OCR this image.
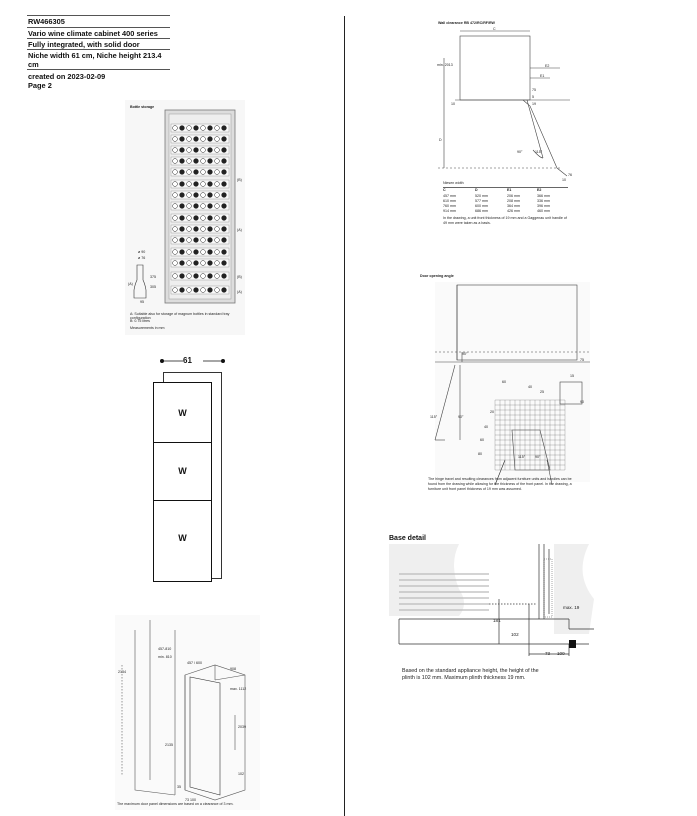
RW466305
Vario wine climate cabinet 400 series
Fully integrated, with solid door
Niche width 61 cm, Niche height 213.4
cm
created on 2023-02-09
Page 2
Bottle storage
ø 90
ø 76
375
305
95
(A)
(B)
(A)
(B)
(A)
A: Suitable also for storage of magnum bottles in standard tray configuration
B: 0.75 litres
Measurements in mm
61
W
W
W
2134
min. 810
457-810
457 / 600
max. 1112
908
2039
2135
73 100
102
35
The maximum door panel dimensions are based on a clearance of 3 mm.
Wall clearance RB 472/RC/RF/RW
C
E2
E1
D
min. 2013
75
5
10	19
90°	115°
76
10
Niesen width
C	D	E1	E2
457 mm	520 mm	206 mm	366 mm
610 mm	577 mm	208 mm	336 mm
760 mm	600 mm	364 mm	396 mm
914 mm	686 mm	426 mm	460 mm
In the drawing, a unit front thickness of 19 mm and a Gaggenau unit handle of 49 mm were taken as a basis.
Door opening angle
90°
115°	90°
75
60
40
25
90
20
40
60
80
115°	90°
15
The hinge travel and resulting clearances from adjacent furniture units and handles can be found from the drawing while allowing for the thickness of the front panel. In the drawing, a furniture unit front panel thickness of 19 mm was assumed.
Base detail
max. 19
181
102
73 100
Based on the standard appliance height, the height of the
plinth is 102 mm. Maximum plinth thickness 19 mm.
